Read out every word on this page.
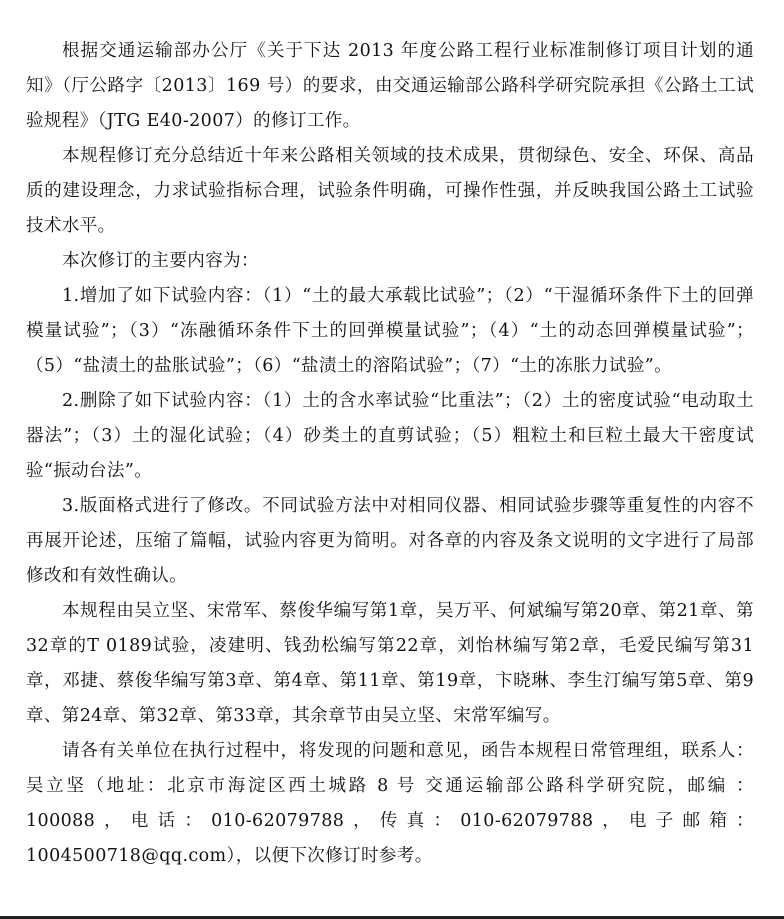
根据交通运输部办公厅《关于下达 2013 年度公路工程行业标准制修订项目计划的通知》（厅公路字〔2013〕169 号）的要求，由交通运输部公路科学研究院承担《公路土工试验规程》（JTG E40-2007）的修订工作。

本规程修订充分总结近十年来公路相关领域的技术成果，贯彻绿色、安全、环保、高品质的建设理念，力求试验指标合理，试验条件明确，可操作性强，并反映我国公路土工试验技术水平。

本次修订的主要内容为：

1.增加了如下试验内容：（1）“土的最大承载比试验”；（2）“干湿循环条件下土的回弹模量试验”；（3）“冻融循环条件下土的回弹模量试验”；（4）“土的动态回弹模量试验”；（5）“盐渍土的盐胀试验”；（6）“盐渍土的溶陷试验”；（7）“土的冻胀力试验”。

2.删除了如下试验内容：（1）土的含水率试验“比重法”；（2）土的密度试验“电动取土器法”；（3）土的湿化试验；（4）砂类土的直剪试验；（5）粗粒土和巨粒土最大干密度试验“振动台法”。

3.版面格式进行了修改。不同试验方法中对相同仪器、相同试验步骤等重复性的内容不再展开论述，压缩了篇幅，试验内容更为简明。对各章的内容及条文说明的文字进行了局部修改和有效性确认。

本规程由吴立坚、宋常军、蔡俊华编写第1章，吴万平、何斌编写第20章、第21章、第32章的T 0189试验，凌建明、钱劲松编写第22章，刘怡林编写第2章，毛爱民编写第31章，邓捷、蔡俊华编写第3章、第4章、第11章、第19章，卞晓琳、李生汀编写第5章、第9章、第24章、第32章、第33章，其余章节由吴立坚、宋常军编写。

请各有关单位在执行过程中，将发现的问题和意见，函告本规程日常管理组，联系人：吴立坚（地址：北京市海淀区西土城路 8 号 交通运输部公路科学研究院，邮编 ：100088，电话：010-62079788，传真：010-62079788，电子邮箱：1004500718@qq.com），以便下次修订时参考。
